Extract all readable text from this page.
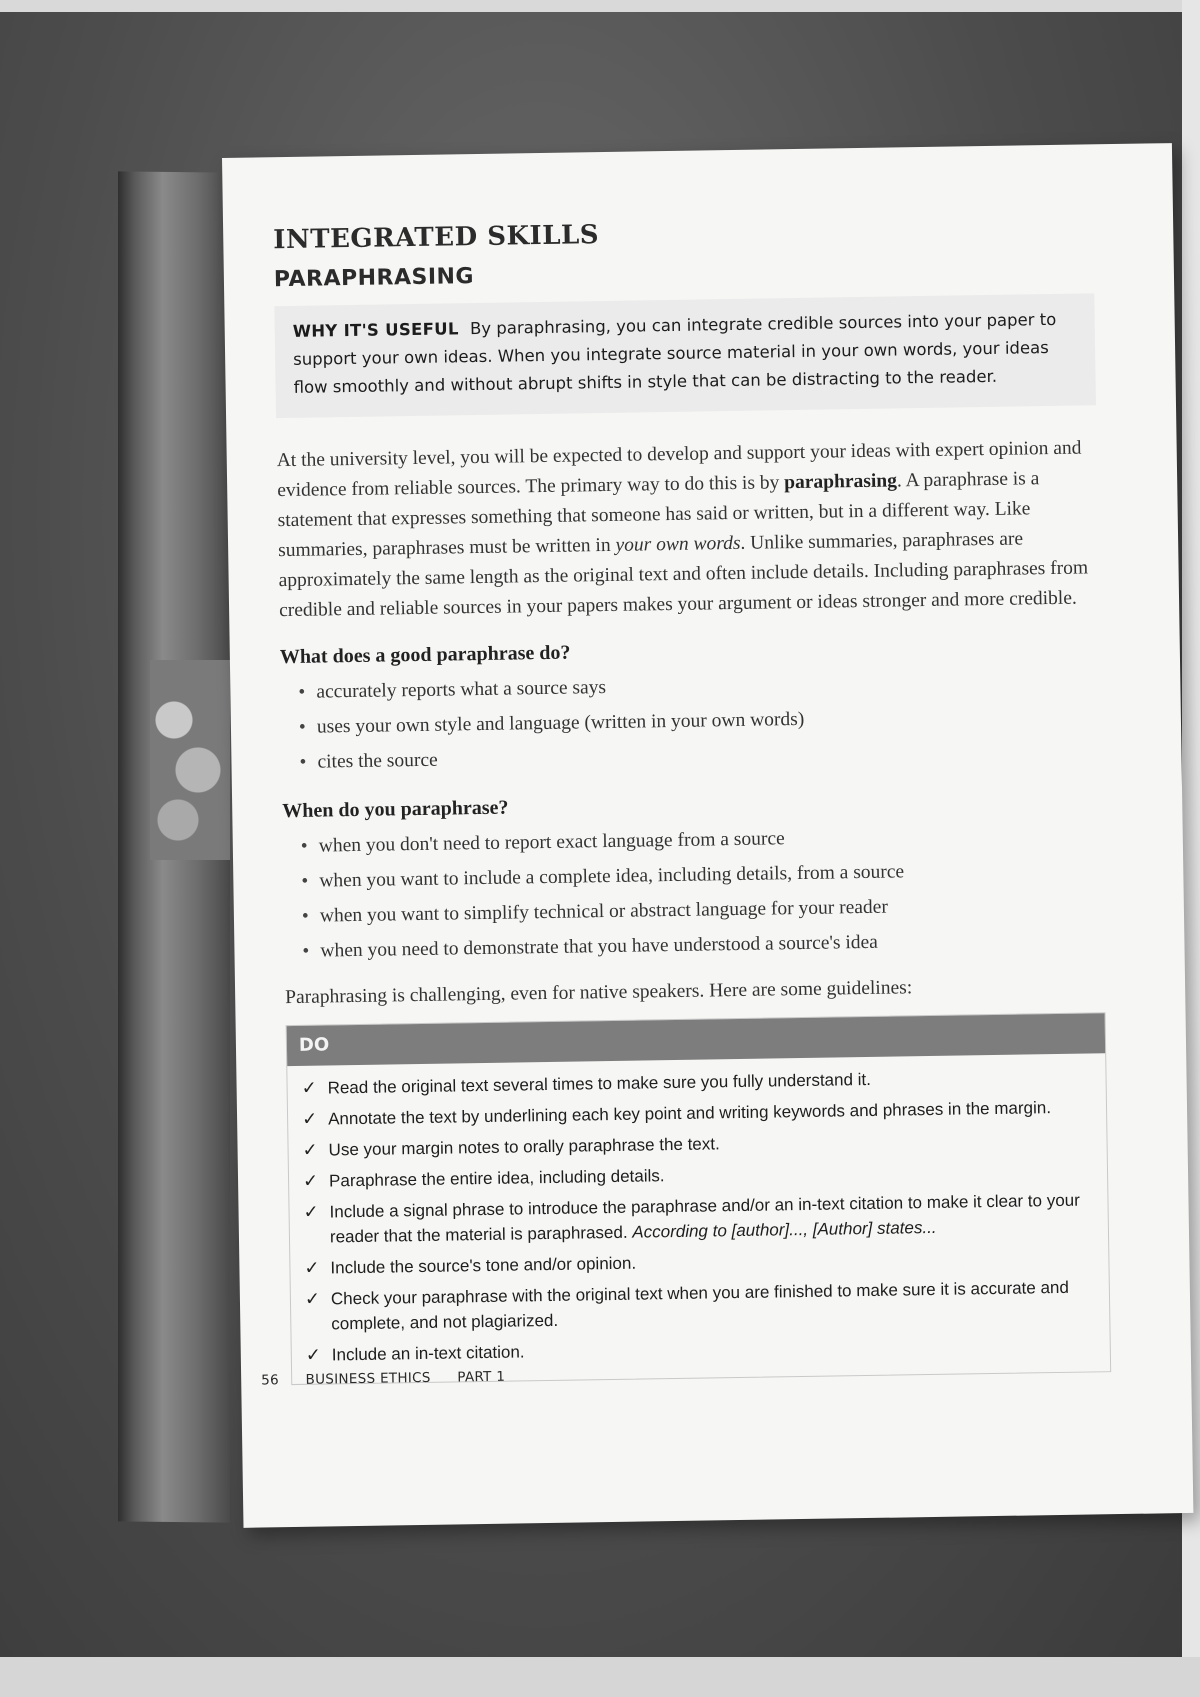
INTEGRATED SKILLS
PARAPHRASING
WHY IT'S USEFUL By paraphrasing, you can integrate credible sources into your paper to support your own ideas. When you integrate source material in your own words, your ideas flow smoothly and without abrupt shifts in style that can be distracting to the reader.

At the university level, you will be expected to develop and support your ideas with expert opinion and evidence from reliable sources. The primary way to do this is by paraphrasing. A paraphrase is a statement that expresses something that someone has said or written, but in a different way. Like summaries, paraphrases must be written in your own words. Unlike summaries, paraphrases are approximately the same length as the original text and often include details. Including paraphrases from credible and reliable sources in your papers makes your argument or ideas stronger and more credible.

What does a good paraphrase do?
• accurately reports what a source says
• uses your own style and language (written in your own words)
• cites the source
When do you paraphrase?
• when you don't need to report exact language from a source
• when you want to include a complete idea, including details, from a source
• when you want to simplify technical or abstract language for your reader
• when you need to demonstrate that you have understood a source's idea

Paraphrasing is challenging, even for native speakers. Here are some guidelines:

DO
✓ Read the original text several times to make sure you fully understand it.
✓ Annotate the text by underlining each key point and writing keywords and phrases in the margin.
✓ Use your margin notes to orally paraphrase the text.
✓ Paraphrase the entire idea, including details.
✓ Include a signal phrase to introduce the paraphrase and/or an in-text citation to make it clear to your reader that the material is paraphrased. According to [author]..., [Author] states...
✓ Include the source's tone and/or opinion.
✓ Check your paraphrase with the original text when you are finished to make sure it is accurate and complete, and not plagiarized.
✓ Include an in-text citation.
56 BUSINESS ETHICS PART 1
